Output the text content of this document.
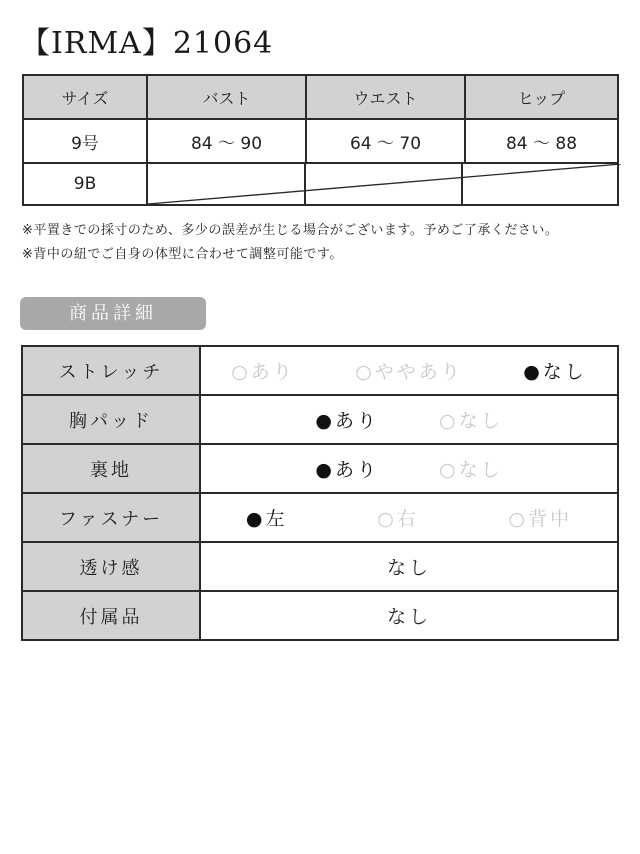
【IRMA】21064
サイズ	バスト	ウエスト	ヒップ
9号	84 〜 90	64 〜 70	84 〜 88
9B	
※平置きでの採寸のため、多少の誤差が生じる場合がございます。予めご了承ください。
※背中の紐でご自身の体型に合わせて調整可能です。
商品詳細
ストレッチ	○あり ○ややあり ●なし

胸パッド	●あり ○なし

裏地	●あり ○なし

ファスナー	●左 ○右 ○背中

透け感	なし
付属品	なし
